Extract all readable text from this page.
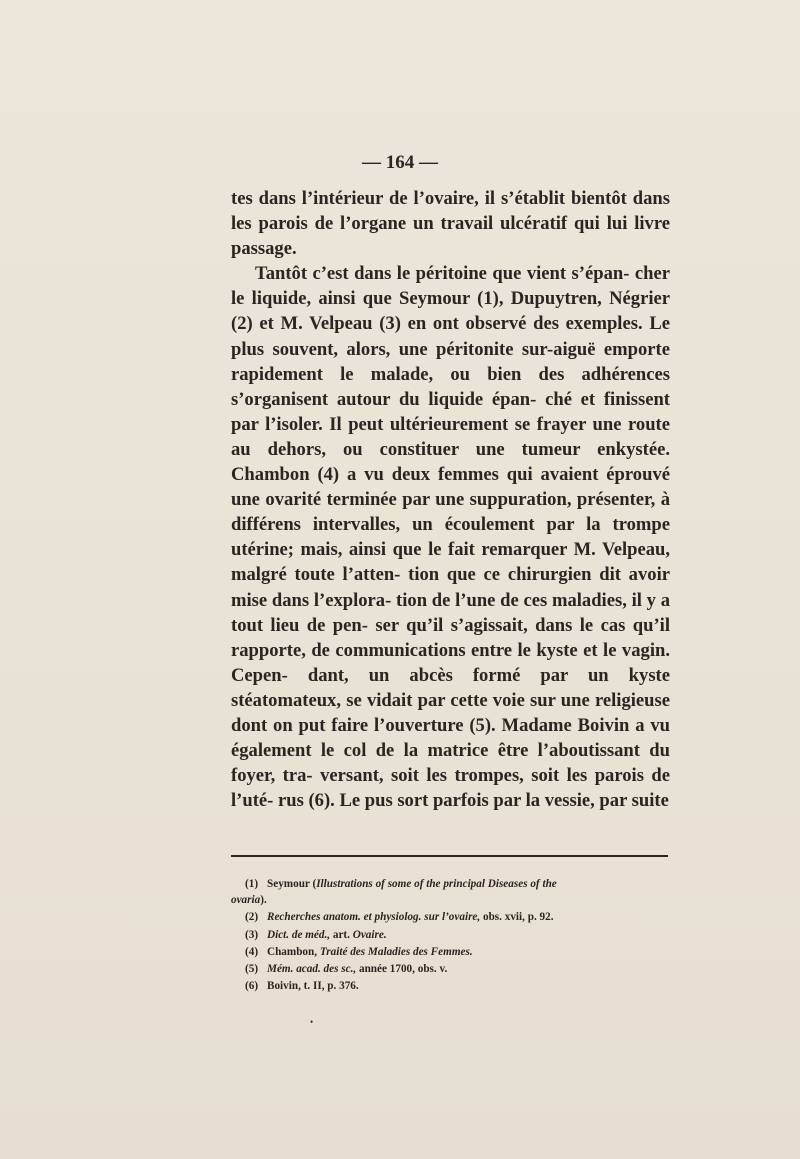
— 164 —

tes dans l’intérieur de l’ovaire, il s’établit bientôt dans les parois de l’organe un travail ulcératif qui lui livre passage.

Tantôt c’est dans le péritoine que vient s’épan- cher le liquide, ainsi que Seymour (1), Dupuytren, Négrier (2) et M. Velpeau (3) en ont observé des exemples. Le plus souvent, alors, une péritonite sur-aiguë emporte rapidement le malade, ou bien des adhérences s’organisent autour du liquide épan- ché et finissent par l’isoler. Il peut ultérieurement se frayer une route au dehors, ou constituer une tumeur enkystée. Chambon (4) a vu deux femmes qui avaient éprouvé une ovarité terminée par une suppuration, présenter, à différens intervalles, un écoulement par la trompe utérine; mais, ainsi que le fait remarquer M. Velpeau, malgré toute l’atten- tion que ce chirurgien dit avoir mise dans l’explora- tion de l’une de ces maladies, il y a tout lieu de pen- ser qu’il s’agissait, dans le cas qu’il rapporte, de communications entre le kyste et le vagin. Cepen- dant, un abcès formé par un kyste stéatomateux, se vidait par cette voie sur une religieuse dont on put faire l’ouverture (5). Madame Boivin a vu également le col de la matrice être l’aboutissant du foyer, tra- versant, soit les trompes, soit les parois de l’uté- rus (6). Le pus sort parfois par la vessie, par suite

(1) Seymour (Illustrations of some of the principal Diseases of the
ovaria).
(2) Recherches anatom. et physiolog. sur l’ovaire, obs. xvii, p. 92.
(3) Dict. de méd., art. Ovaire.
(4) Chambon, Traité des Maladies des Femmes.
(5) Mém. acad. des sc., année 1700, obs. v.
(6) Boivin, t. II, p. 376.
•
